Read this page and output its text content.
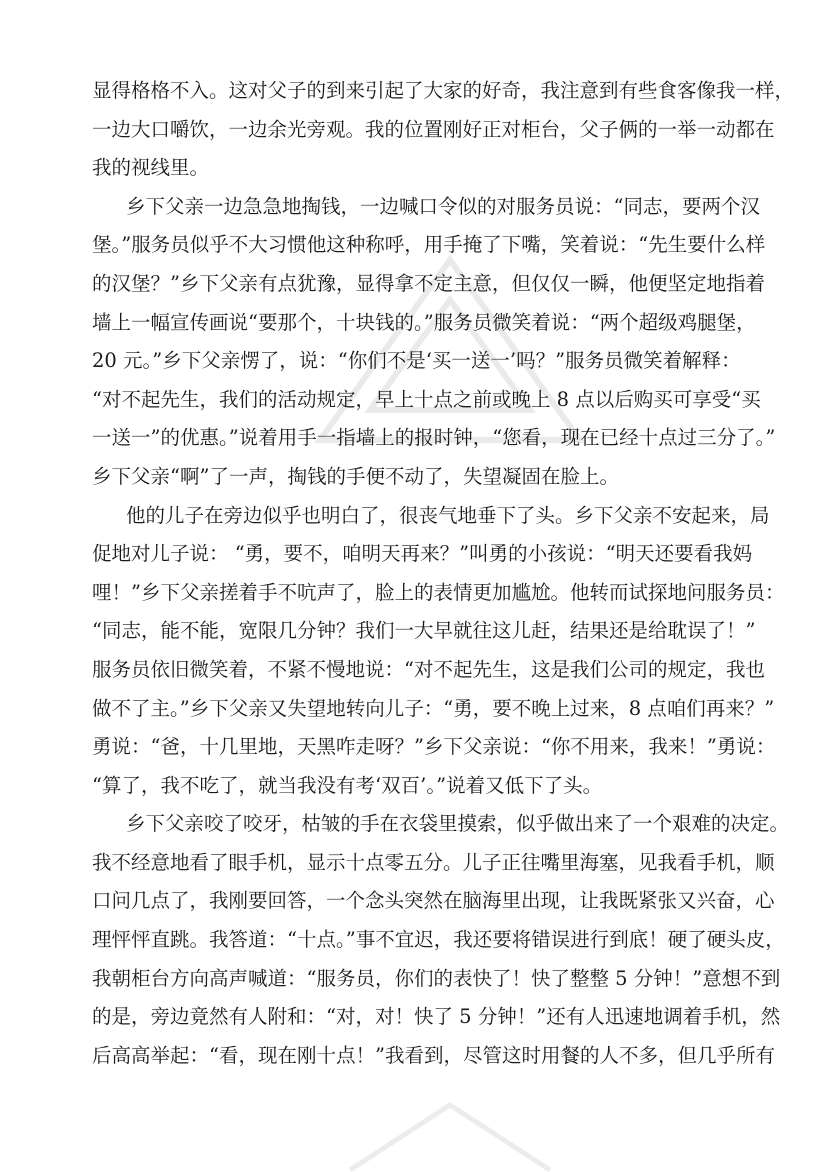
显得格格不入。这对父子的到来引起了大家的好奇，我注意到有些食客像我一样，
一边大口嚼饮，一边余光旁观。我的位置刚好正对柜台，父子俩的一举一动都在
我的视线里。
乡下父亲一边急急地掏钱，一边喊口令似的对服务员说：“同志，要两个汉
堡。”服务员似乎不大习惯他这种称呼，用手掩了下嘴，笑着说：“先生要什么样
的汉堡？”乡下父亲有点犹豫，显得拿不定主意，但仅仅一瞬，他便坚定地指着
墙上一幅宣传画说“要那个，十块钱的。”服务员微笑着说：“两个超级鸡腿堡，
20 元。”乡下父亲愣了，说：“你们不是‘买一送一’吗？”服务员微笑着解释：
“对不起先生，我们的活动规定，早上十点之前或晚上 8 点以后购买可享受“买
一送一”的优惠。”说着用手一指墙上的报时钟，“您看，现在已经十点过三分了。”
乡下父亲“啊”了一声，掏钱的手便不动了，失望凝固在脸上。
他的儿子在旁边似乎也明白了，很丧气地垂下了头。乡下父亲不安起来，局
促地对儿子说： “勇，要不，咱明天再来？”叫勇的小孩说：“明天还要看我妈
哩！”乡下父亲搓着手不吭声了，脸上的表情更加尴尬。他转而试探地问服务员：
“同志，能不能，宽限几分钟？我们一大早就往这儿赶，结果还是给耽误了！”
服务员依旧微笑着，不紧不慢地说：“对不起先生，这是我们公司的规定，我也
做不了主。”乡下父亲又失望地转向儿子：“勇，要不晚上过来，8 点咱们再来？”
勇说：“爸，十几里地，天黑咋走呀？”乡下父亲说：“你不用来，我来！”勇说：
“算了，我不吃了，就当我没有考‘双百’。”说着又低下了头。
乡下父亲咬了咬牙，枯皱的手在衣袋里摸索，似乎做出来了一个艰难的决定。
我不经意地看了眼手机，显示十点零五分。儿子正往嘴里海塞，见我看手机，顺
口问几点了，我刚要回答，一个念头突然在脑海里出现，让我既紧张又兴奋，心
理怦怦直跳。我答道：“十点。”事不宜迟，我还要将错误进行到底！硬了硬头皮，
我朝柜台方向高声喊道：“服务员，你们的表快了！快了整整 5 分钟！”意想不到
的是，旁边竟然有人附和：“对，对！快了 5 分钟！”还有人迅速地调着手机，然
后高高举起：“看，现在刚十点！”我看到，尽管这时用餐的人不多，但几乎所有
